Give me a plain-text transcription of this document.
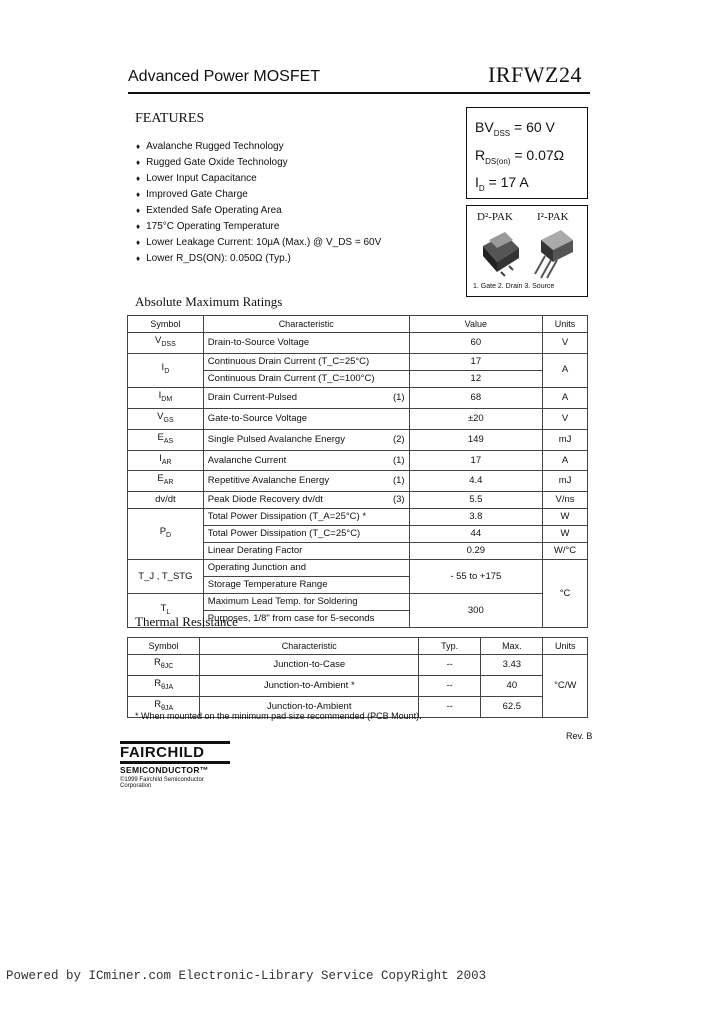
Advanced Power MOSFET	IRFWZ24
FEATURES
♦ Avalanche Rugged Technology
♦ Rugged Gate Oxide Technology
♦ Lower Input Capacitance
♦ Improved Gate Charge
♦ Extended Safe Operating Area
♦ 175°C Operating Temperature
♦ Lower Leakage Current: 10μA (Max.) @ V_DS = 60V
♦ Lower R_DS(ON): 0.050Ω (Typ.)
$BV_{DSS} = 60$ V
$R_{DS(on)} = 0.07\Omega$
$I_D = 17$ A
D²-PAK I²-PAK
1. Gate 2. Drain 3. Source
Absolute Maximum Ratings
Symbol	Characteristic		Value	Units
$V_{DSS}$	Drain-to-Source Voltage		60	V
$I_D$	Continuous Drain Current (T_C=25°C)		17	A
	Continuous Drain Current (T_C=100°C)		12	
$I_{DM}$	Drain Current-Pulsed	(1)	68	A
$V_{GS}$	Gate-to-Source Voltage		±20	V
$E_{AS}$	Single Pulsed Avalanche Energy	(2)	149	mJ
$I_{AR}$	Avalanche Current	(1)	17	A
$E_{AR}$	Repetitive Avalanche Energy	(1)	4.4	mJ
dv/dt	Peak Diode Recovery dv/dt	(3)	5.5	V/ns
$P_D$	Total Power Dissipation (T_A=25°C) *		3.8	W
	Total Power Dissipation (T_C=25°C)		44	W
	Linear Derating Factor		0.29	W/°C
T_J , T_STG	Operating Junction and		- 55 to +175	°C
	Storage Temperature Range			
$T_L$	Maximum Lead Temp. for Soldering		300	
	Purposes, 1/8" from case for 5-seconds			
Thermal Resistance
Symbol	Characteristic	Typ.	Max.	Units
$R_{\theta JC}$	Junction-to-Case	--	3.43	°C/W
$R_{\theta JA}$	Junction-to-Ambient *	--	40	
$R_{\theta JA}$	Junction-to-Ambient	--	62.5	
* When mounted on the minimum pad size recommended (PCB Mount).
Rev. B
FAIRCHILD
SEMICONDUCTOR™
©1999 Fairchild Semiconductor Corporation
Powered by ICminer.com Electronic-Library Service CopyRight 2003
